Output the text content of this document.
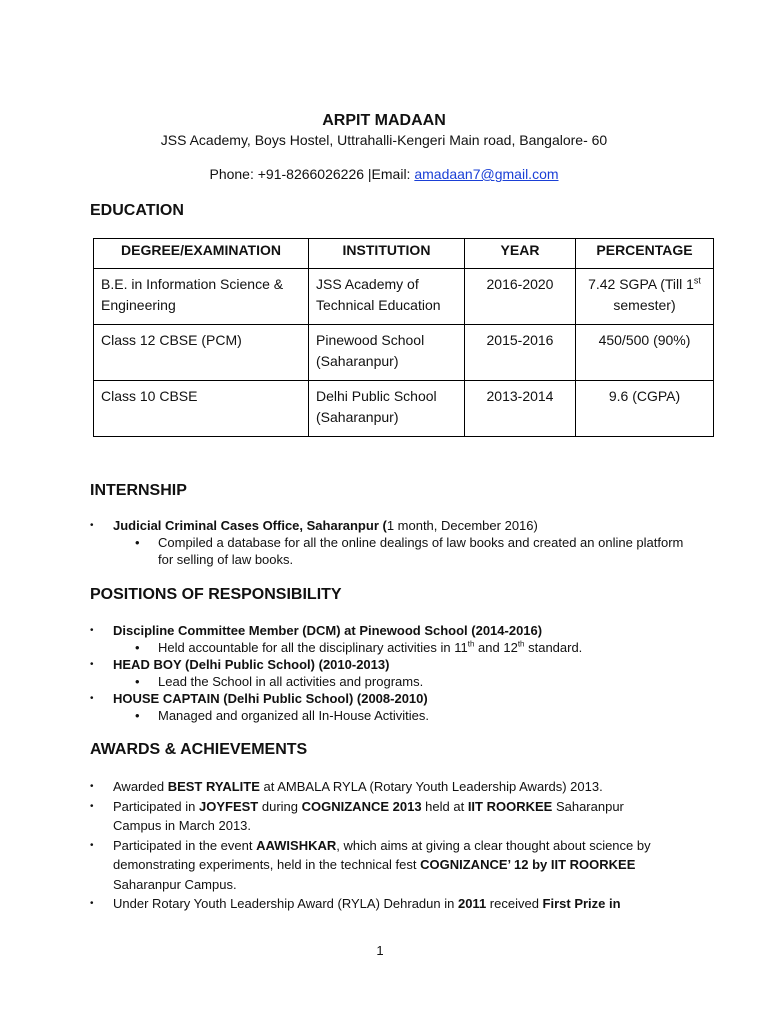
ARPIT MADAAN
JSS Academy, Boys Hostel, Uttrahalli-Kengeri Main road, Bangalore- 60
Phone: +91-8266026226 |Email: amadaan7@gmail.com
EDUCATION
DEGREE/EXAMINATION	INSTITUTION	YEAR	PERCENTAGE
B.E. in Information Science & Engineering	JSS Academy of Technical Education	2016-2020	7.42 SGPA (Till 1st semester)
Class 12 CBSE (PCM)	Pinewood School (Saharanpur)	2015-2016	450/500 (90%)
Class 10 CBSE	Delhi Public School (Saharanpur)	2013-2014	9.6 (CGPA)
INTERNSHIP
• Judicial Criminal Cases Office, Saharanpur (1 month, December 2016)
• Compiled a database for all the online dealings of law books and created an online platform for selling of law books.
POSITIONS OF RESPONSIBILITY
• Discipline Committee Member (DCM) at Pinewood School (2014-2016)
• Held accountable for all the disciplinary activities in 11th and 12th standard.
• HEAD BOY (Delhi Public School) (2010-2013)
• Lead the School in all activities and programs.
• HOUSE CAPTAIN (Delhi Public School) (2008-2010)
• Managed and organized all In-House Activities.
AWARDS & ACHIEVEMENTS
• Awarded BEST RYALITE at AMBALA RYLA (Rotary Youth Leadership Awards) 2013.
• Participated in JOYFEST during COGNIZANCE 2013 held at IIT ROORKEE Saharanpur Campus in March 2013.
• Participated in the event AAWISHKAR, which aims at giving a clear thought about science by demonstrating experiments, held in the technical fest COGNIZANCE’ 12 by IIT ROORKEE Saharanpur Campus.
• Under Rotary Youth Leadership Award (RYLA) Dehradun in 2011 received First Prize in
1
